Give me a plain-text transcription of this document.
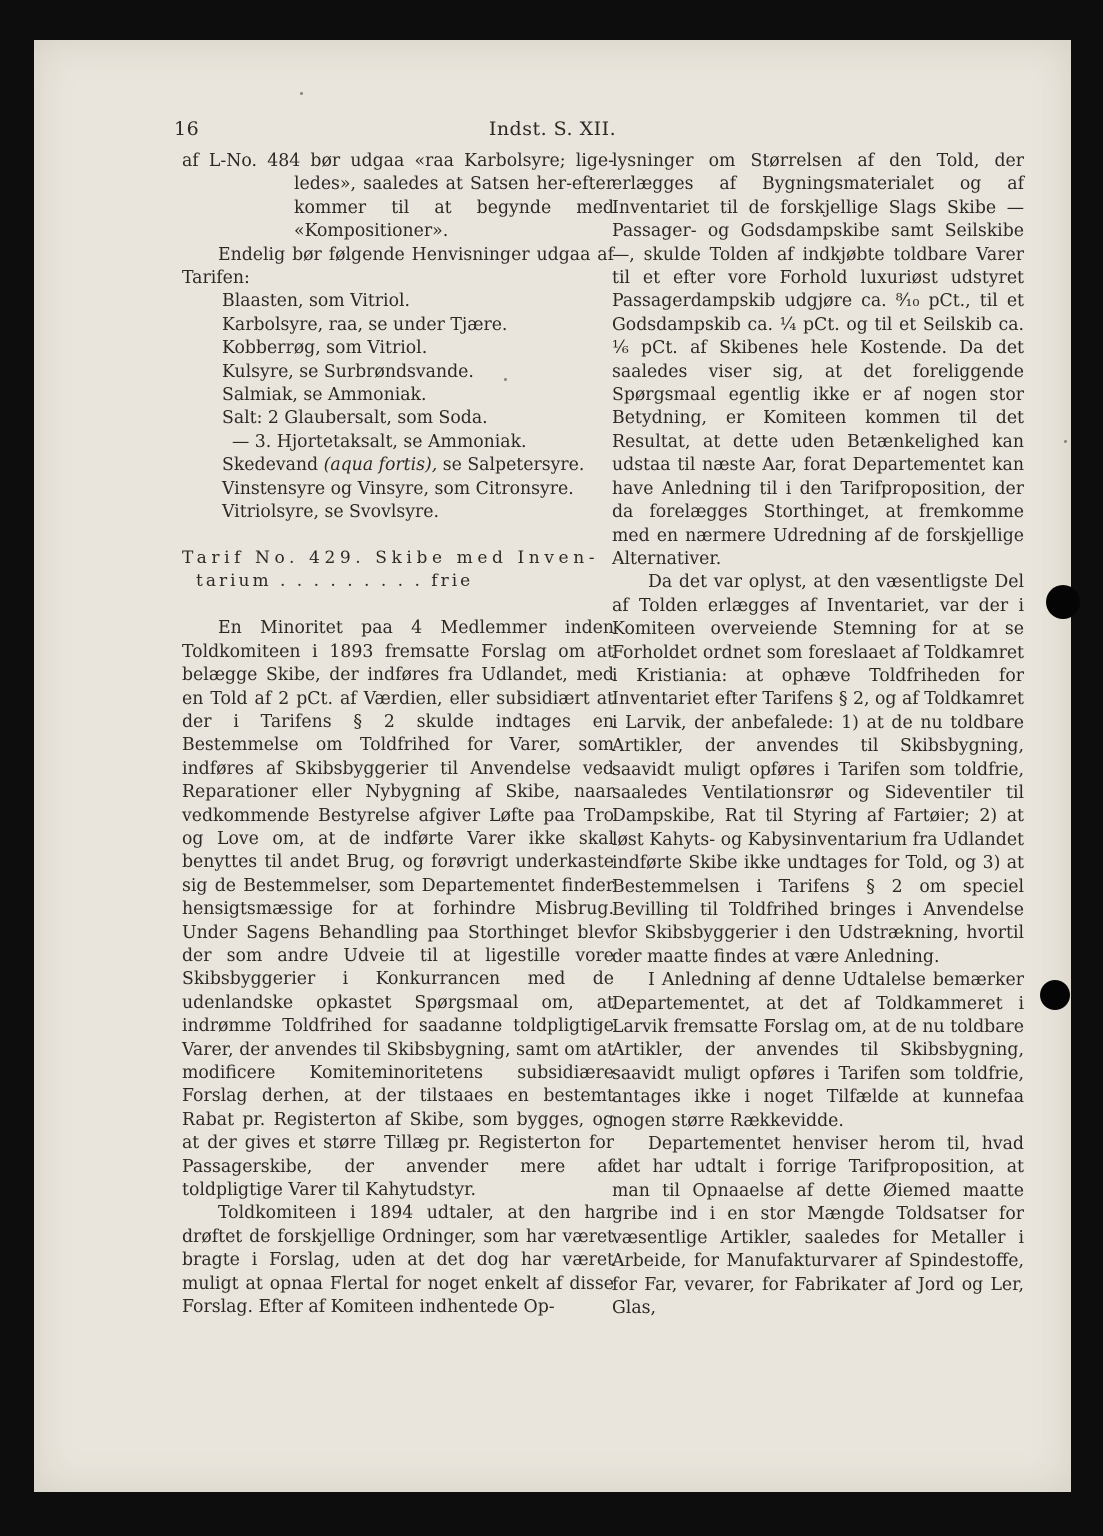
16	Indst. S. XII.

af L-No. 484 bør udgaa «raa Karbolsyre; lige-ledes», saaledes at Satsen her-efter kommer til at begynde med «Kompositioner».

Endelig bør følgende Henvisninger udgaa af Tarifen:

Blaasten, som Vitriol.
Karbolsyre, raa, se under Tjære.
Kobberrøg, som Vitriol.
Kulsyre, se Surbrøndsvande.
Salmiak, se Ammoniak.
Salt: 2 Glaubersalt, som Soda.
— 3. Hjortetaksalt, se Ammoniak.
Skedevand (aqua fortis), se Salpetersyre.
Vinstensyre og Vinsyre, som Citronsyre.
Vitriolsyre, se Svovlsyre.

Tarif No. 429. Skibe med Inven-

tarium . . . . . . . . . frie

En Minoritet paa 4 Medlemmer inden Toldkomiteen i 1893 fremsatte Forslag om at belægge Skibe, der indføres fra Udlandet, med en Told af 2 pCt. af Værdien, eller subsidiært at der i Tarifens § 2 skulde indtages en Bestemmelse om Toldfrihed for Varer, som indføres af Skibsbyggerier til Anvendelse ved Reparationer eller Nybygning af Skibe, naar vedkommende Bestyrelse afgiver Løfte paa Tro og Love om, at de indførte Varer ikke skal benyttes til andet Brug, og forøvrigt underkaste sig de Bestemmelser, som Departementet finder hensigtsmæssige for at forhindre Misbrug. Under Sagens Behandling paa Storthinget blev der som andre Udveie til at ligestille vore Skibsbyggerier i Konkurrancen med de udenlandske opkastet Spørgsmaal om, at indrømme Toldfrihed for saadanne toldpligtige Varer, der anvendes til Skibsbygning, samt om at modificere Komiteminoritetens subsidiære Forslag derhen, at der tilstaaes en bestemt Rabat pr. Registerton af Skibe, som bygges, og at der gives et større Tillæg pr. Registerton for Passagerskibe, der anvender mere af toldpligtige Varer til Kahytudstyr.

Toldkomiteen i 1894 udtaler, at den har drøftet de forskjellige Ordninger, som har været bragte i Forslag, uden at det dog har været muligt at opnaa Flertal for noget enkelt af disse Forslag. Efter af Komiteen indhentede Op-

lysninger om Størrelsen af den Told, der erlægges af Bygningsmaterialet og af Inventariet til de forskjellige Slags Skibe — Passager- og Godsdampskibe samt Seilskibe —, skulde Tolden af indkjøbte toldbare Varer til et efter vore Forhold luxuriøst udstyret Passagerdampskib udgjøre ca. ⁸⁄₁₀ pCt., til et Godsdampskib ca. ¹⁄₄ pCt. og til et Seilskib ca. ¹⁄₆ pCt. af Skibenes hele Kostende. Da det saaledes viser sig, at det foreliggende Spørgsmaal egentlig ikke er af nogen stor Betydning, er Komiteen kommen til det Resultat, at dette uden Betænkelighed kan udstaa til næste Aar, forat Departementet kan have Anledning til i den Tarifproposition, der da forelægges Storthinget, at fremkomme med en nærmere Udredning af de forskjellige Alternativer.

Da det var oplyst, at den væsentligste Del af Tolden erlægges af Inventariet, var der i Komiteen overveiende Stemning for at se Forholdet ordnet som foreslaaet af Toldkamret i Kristiania: at ophæve Toldfriheden for Inventariet efter Tarifens § 2, og af Toldkamret i Larvik, der anbefalede: 1) at de nu toldbare Artikler, der anvendes til Skibsbygning, saavidt muligt opføres i Tarifen som toldfrie, saaledes Ventilationsrør og Sideventiler til Dampskibe, Rat til Styring af Fartøier; 2) at løst Kahyts- og Kabysinventarium fra Udlandet indførte Skibe ikke undtages for Told, og 3) at Bestemmelsen i Tarifens § 2 om speciel Bevilling til Toldfrihed bringes i Anvendelse for Skibsbyggerier i den Udstrækning, hvortil der maatte findes at være Anledning.

I Anledning af denne Udtalelse bemærker Departementet, at det af Toldkammeret i Larvik fremsatte Forslag om, at de nu toldbare Artikler, der anvendes til Skibsbygning, saavidt muligt opføres i Tarifen som toldfrie, antages ikke i noget Tilfælde at kunnefaa nogen større Rækkevidde.

Departementet henviser herom til, hvad det har udtalt i forrige Tarifproposition, at man til Opnaaelse af dette Øiemed maatte gribe ind i en stor Mængde Toldsatser for væsentlige Artikler, saaledes for Metaller i Arbeide, for Manufakturvarer af Spindestoffe, for Far, vevarer, for Fabrikater af Jord og Ler, Glas,
